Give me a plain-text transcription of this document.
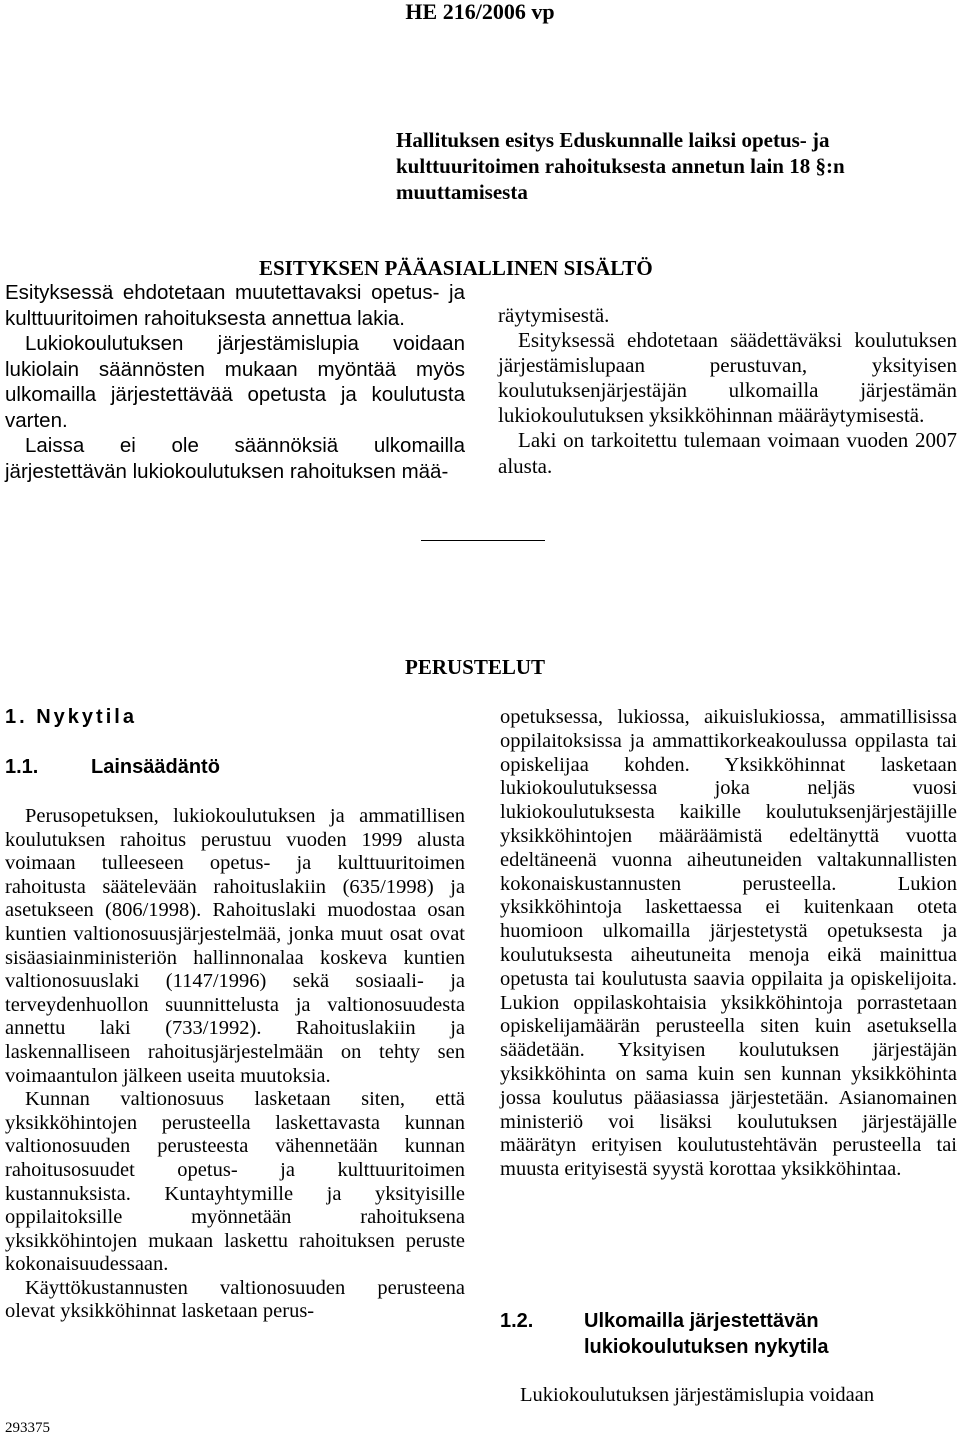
HE 216/2006 vp
Hallituksen esitys Eduskunnalle laiksi opetus- ja kulttuuritoimen rahoituksesta annetun lain 18 §:n muuttamisesta
ESITYKSEN PÄÄASIALLINEN SISÄLTÖ

Esityksessä ehdotetaan muutettavaksi opetus- ja kulttuuritoimen rahoituksesta annettua lakia.

Lukiokoulutuksen järjestämislupia voidaan lukiolain säännösten mukaan myöntää myös ulkomailla järjestettävää opetusta ja koulutusta varten.

Laissa ei ole säännöksiä ulkomailla järjestettävän lukiokoulutuksen rahoituksen mää-

räytymisestä.

Esityksessä ehdotetaan säädettäväksi koulutuksen järjestämislupaan perustuvan, yksityisen koulutuksenjärjestäjän ulkomailla järjestämän lukiokoulutuksen yksikköhinnan määräytymisestä.

Laki on tarkoitettu tulemaan voimaan vuoden 2007 alusta.

PERUSTELUT
1. Nykytila
1.1.	Lainsäädäntö

Perusopetuksen, lukiokoulutuksen ja ammatillisen koulutuksen rahoitus perustuu vuoden 1999 alusta voimaan tulleeseen opetus- ja kulttuuritoimen rahoitusta säätelevään rahoituslakiin (635/1998) ja asetukseen (806/1998). Rahoituslaki muodostaa osan kuntien valtionosuusjärjestelmää, jonka muut osat ovat sisäasiainministeriön hallinnonalaa koskeva kuntien valtionosuuslaki (1147/1996) sekä sosiaali- ja terveydenhuollon suunnittelusta ja valtionosuudesta annettu laki (733/1992). Rahoituslakiin ja laskennalliseen rahoitusjärjestelmään on tehty sen voimaantulon jälkeen useita muutoksia.

Kunnan valtionosuus lasketaan siten, että yksikköhintojen perusteella laskettavasta kunnan valtionosuuden perusteesta vähennetään kunnan rahoitusosuudet opetus- ja kulttuuritoimen kustannuksista. Kuntayhtymille ja yksityisille oppilaitoksille myönnetään rahoituksena yksikköhintojen mukaan laskettu rahoituksen peruste kokonaisuudessaan.

Käyttökustannusten valtionosuuden perusteena olevat yksikköhinnat lasketaan perus-

opetuksessa, lukiossa, aikuislukiossa, ammatillisissa oppilaitoksissa ja ammattikorkeakoulussa oppilasta tai opiskelijaa kohden. Yksikköhinnat lasketaan lukiokoulutuksessa joka neljäs vuosi lukiokoulutuksesta kaikille koulutuksenjärjestäjille yksikköhintojen määräämistä edeltänyttä vuotta edeltäneenä vuonna aiheutuneiden valtakunnallisten kokonaiskustannusten perusteella. Lukion yksikköhintoja laskettaessa ei kuitenkaan oteta huomioon ulkomailla järjestetystä opetuksesta ja koulutuksesta aiheutuneita menoja eikä mainittua opetusta tai koulutusta saavia oppilaita ja opiskelijoita. Lukion oppilaskohtaisia yksikköhintoja porrastetaan opiskelijamäärän perusteella siten kuin asetuksella säädetään. Yksityisen koulutuksen järjestäjän yksikköhinta on sama kuin sen kunnan yksikköhinta jossa koulutus pääasiassa järjestetään. Asianomainen ministeriö voi lisäksi koulutuksen järjestäjälle määrätyn erityisen koulutustehtävän perusteella tai muusta erityisestä syystä korottaa yksikköhintaa.

1.2.	Ulkomailla järjestettävän lukiokoulutuksen nykytila
Lukiokoulutuksen järjestämislupia voidaan
293375
